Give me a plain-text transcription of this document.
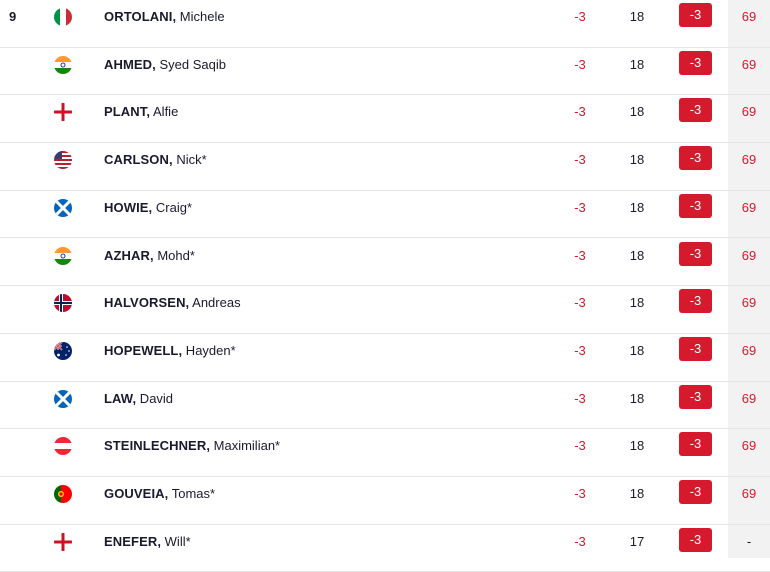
9	ORTOLANI, Michele	-3	18	-3	69
AHMED, Syed Saqib	-3	18	-3	69
PLANT, Alfie	-3	18	-3	69
CARLSON, Nick*	-3	18	-3	69
HOWIE, Craig*	-3	18	-3	69
AZHAR, Mohd*	-3	18	-3	69
HALVORSEN, Andreas	-3	18	-3	69
HOPEWELL, Hayden*	-3	18	-3	69
LAW, David	-3	18	-3	69
STEINLECHNER, Maximilian*	-3	18	-3	69
GOUVEIA, Tomas*	-3	18	-3	69
ENEFER, Will*	-3	17	-3	-
